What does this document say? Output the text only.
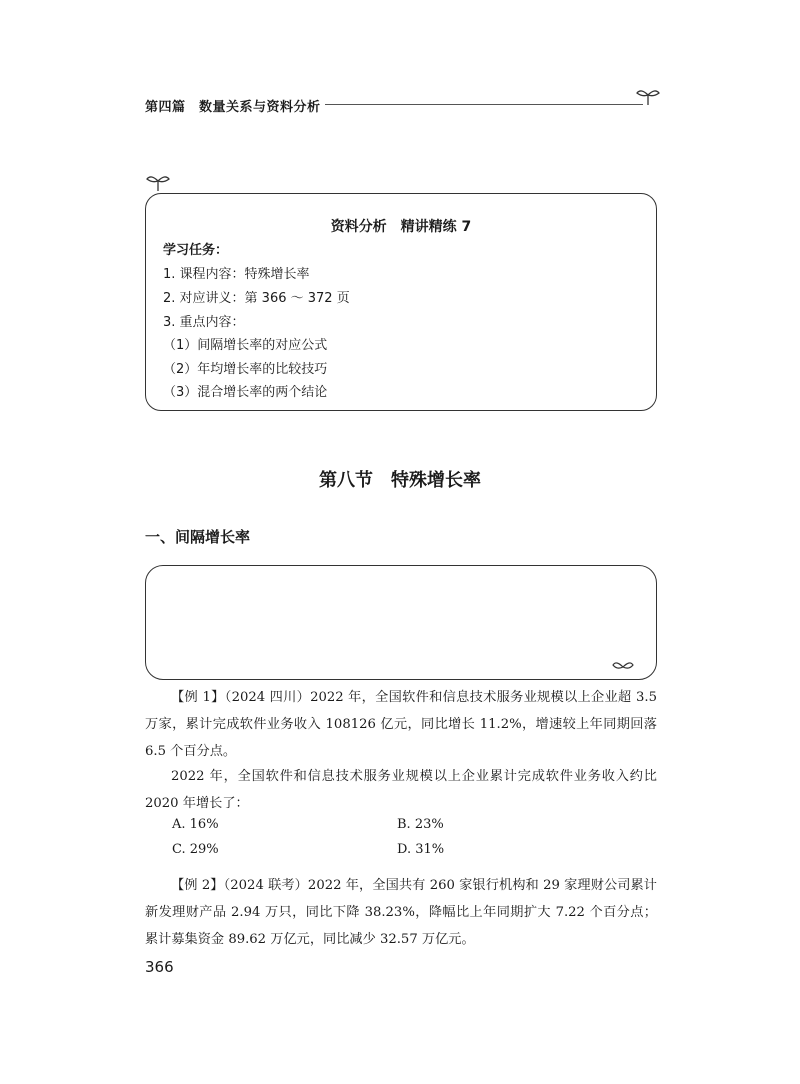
第四篇　数量关系与资料分析
资料分析　精讲精练 7
学习任务：
1. 课程内容：特殊增长率
2. 对应讲义：第 366 ～ 372 页
3. 重点内容：
（1）间隔增长率的对应公式
（2）年均增长率的比较技巧
（3）混合增长率的两个结论
第八节　特殊增长率
一、间隔增长率
【例 1】（2024 四川）2022 年，全国软件和信息技术服务业规模以上企业超 3.5 万家，累计完成软件业务收入 108126 亿元，同比增长 11.2%，增速较上年同期回落 6.5 个百分点。
2022 年，全国软件和信息技术服务业规模以上企业累计完成软件业务收入约比 2020 年增长了：
A. 16%	B. 23%
C. 29%	D. 31%
【例 2】（2024 联考）2022 年，全国共有 260 家银行机构和 29 家理财公司累计新发理财产品 2.94 万只，同比下降 38.23%，降幅比上年同期扩大 7.22 个百分点；累计募集资金 89.62 万亿元，同比减少 32.57 万亿元。
366
